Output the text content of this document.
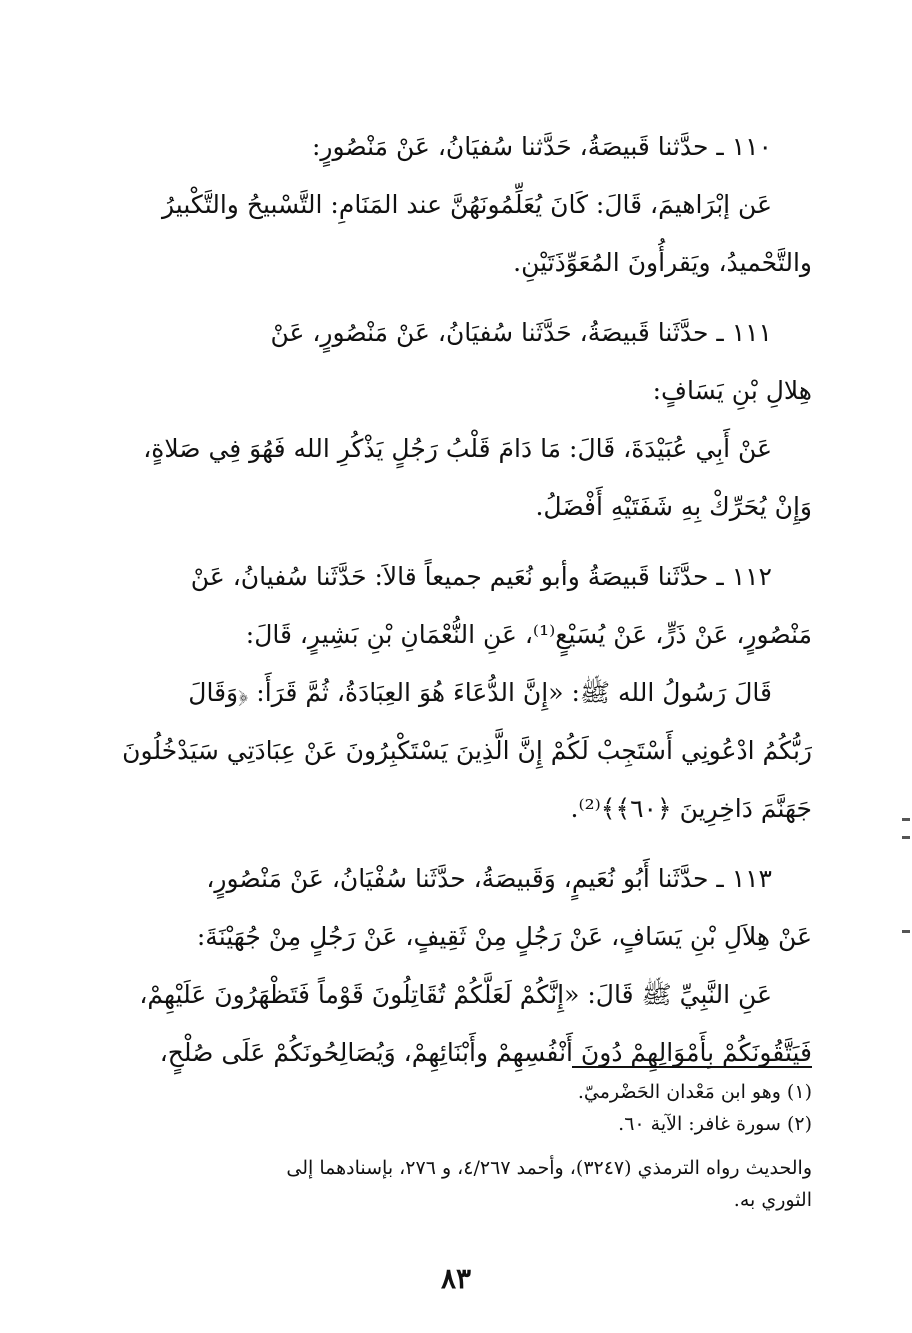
١١٠ ـ حدَّثنا قَبيصَةُ، حَدَّثنا سُفيَانُ، عَنْ مَنْصُورٍ:
عَن إبْرَاهيمَ، قَالَ: كَانَ يُعَلِّمُونَهُنَّ عند المَنَامِ: التَّسْبيحُ والتَّكْبيرُ
والتَّحْميدُ، ويَقرأُونَ المُعَوِّذَتَيْنِ.
١١١ ـ حدَّثَنا قَبيصَةُ، حَدَّثَنا سُفيَانُ، عَنْ مَنْصُورٍ، عَنْ
هِلالِ بْنِ يَسَافٍ:
عَنْ أَبِي عُبَيْدَةَ، قَالَ: مَا دَامَ قَلْبُ رَجُلٍ يَذْكُرِ الله فَهُوَ فِي صَلاةٍ،
وَإِنْ يُحَرِّكْ بِهِ شَفَتَيْهِ أَفْضَلُ.
١١٢ ـ حدَّثَنا قَبيصَةُ وأبو نُعَيم جميعاً قالاَ: حَدَّثَنا سُفيانُ، عَنْ
مَنْصُورٍ، عَنْ ذَرٍّ، عَنْ يُسَيْعٍ⁽¹⁾، عَنِ النُّعْمَانِ بْنِ بَشِيرٍ، قَالَ:
قَالَ رَسُولُ الله ﷺ: «إِنَّ الدُّعَاءَ هُوَ العِبَادَةُ، ثُمَّ قَرَأَ: ﴿وَقَالَ
رَبُّكُمُ ادْعُونِي أَسْتَجِبْ لَكُمْ إِنَّ الَّذِينَ يَسْتَكْبِرُونَ عَنْ عِبَادَتِي سَيَدْخُلُونَ
جَهَنَّمَ دَاخِرِينَ ﴿٦٠﴾﴾⁽²⁾.
١١٣ ـ حدَّثَنا أَبُو نُعَيمٍ، وَقَبيصَةُ، حدَّثَنا سُفْيَانُ، عَنْ مَنْصُورٍ،
عَنْ هِلاَلِ بْنِ يَسَافٍ، عَنْ رَجُلٍ مِنْ ثَقِيفٍ، عَنْ رَجُلٍ مِنْ جُهَيْنَةَ:
عَنِ النَّبِيِّ ﷺ قَالَ: «إِنَّكُمْ لَعَلَّكُمْ تُقَاتِلُونَ قَوْماً فَتَظْهَرُونَ عَلَيْهِمْ،
فَيَتَّقُونَكُمْ بِأَمْوَالِهِمْ دُونَ أَنْفُسِهِمْ وأَبْنَائِهِمْ، وَيُصَالِحُونَكُمْ عَلَى صُلْحٍ،
(١) وهو ابن مَعْدان الحَضْرميّ.
(٢) سورة غافر: الآية ٦٠.
والحديث رواه الترمذي (٣٢٤٧)، وأحمد ٤/٢٦٧، و ٢٧٦، بإسنادهما إلى
الثوري به.
٨٣
